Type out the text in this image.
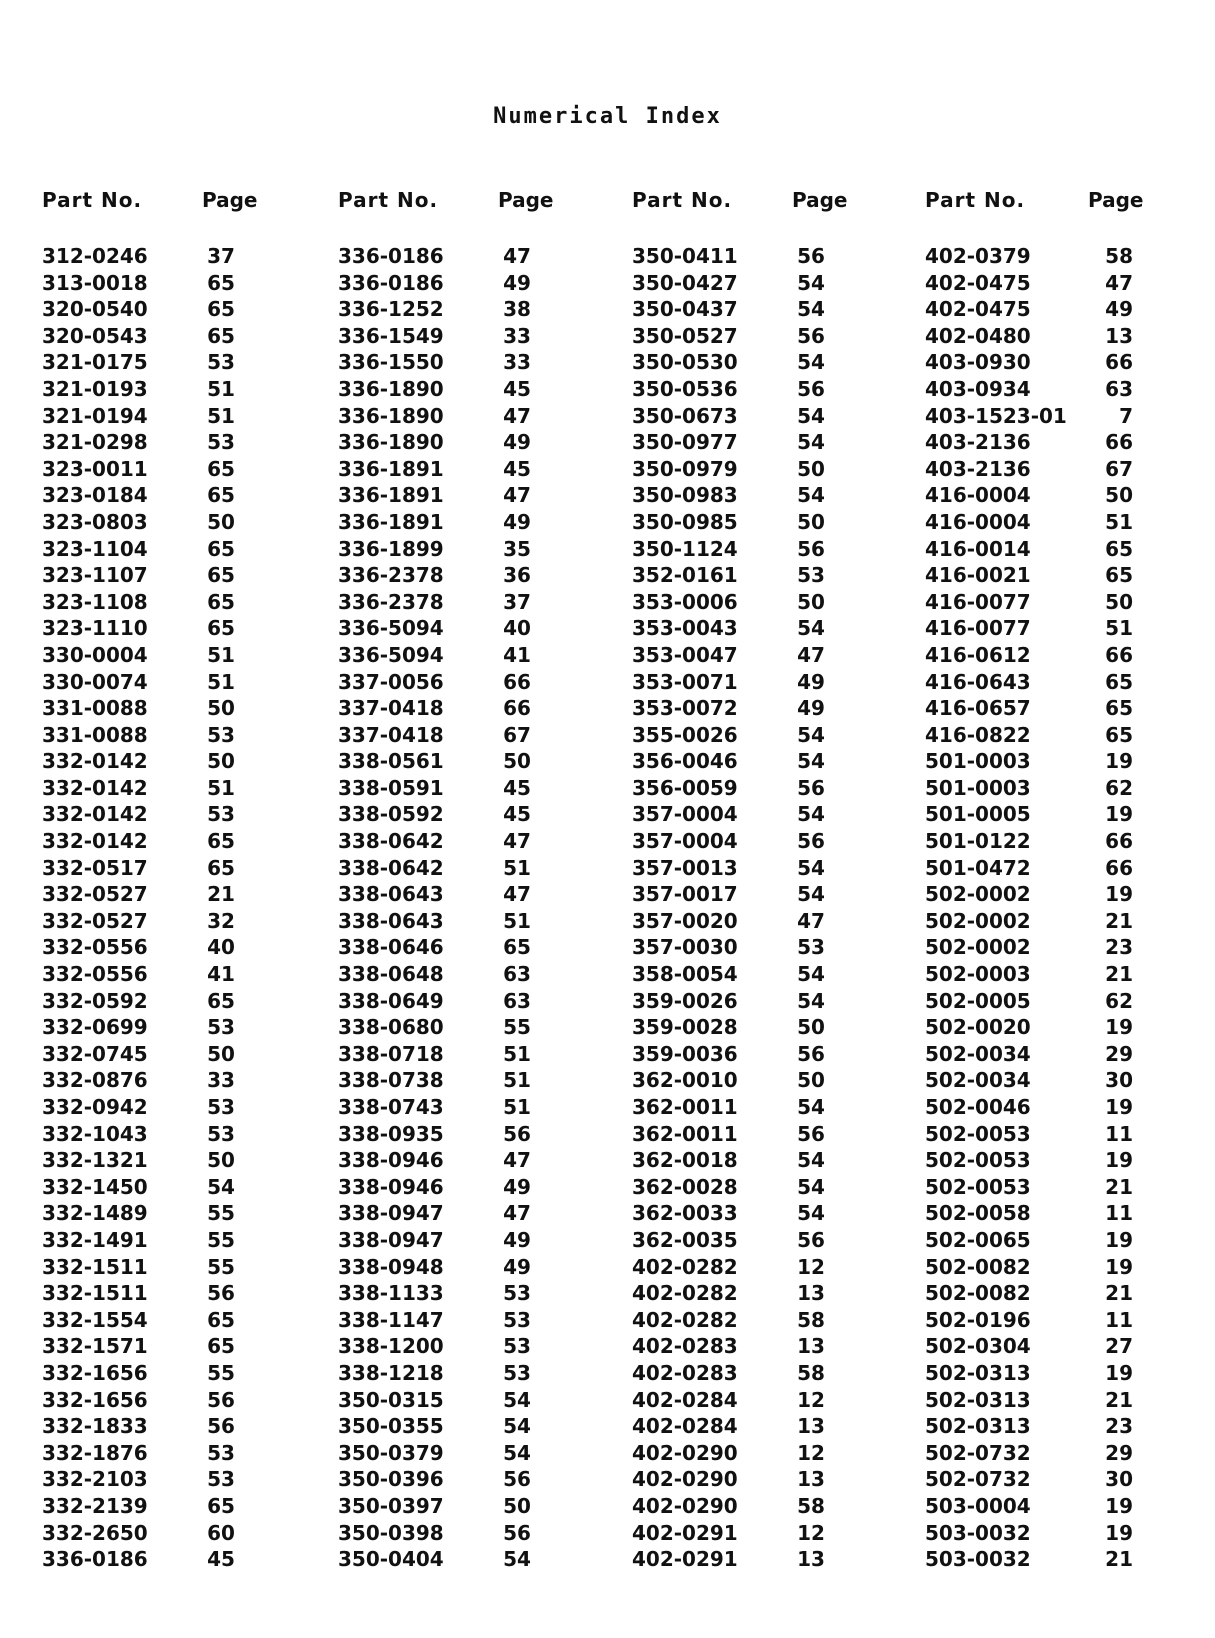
Numerical Index
Part No.	Page
312-0246	37
313-0018	65
320-0540	65
320-0543	65
321-0175	53
321-0193	51
321-0194	51
321-0298	53
323-0011	65
323-0184	65
323-0803	50
323-1104	65
323-1107	65
323-1108	65
323-1110	65
330-0004	51
330-0074	51
331-0088	50
331-0088	53
332-0142	50
332-0142	51
332-0142	53
332-0142	65
332-0517	65
332-0527	21
332-0527	32
332-0556	40
332-0556	41
332-0592	65
332-0699	53
332-0745	50
332-0876	33
332-0942	53
332-1043	53
332-1321	50
332-1450	54
332-1489	55
332-1491	55
332-1511	55
332-1511	56
332-1554	65
332-1571	65
332-1656	55
332-1656	56
332-1833	56
332-1876	53
332-2103	53
332-2139	65
332-2650	60
336-0186	45
Part No.	Page
336-0186	47
336-0186	49
336-1252	38
336-1549	33
336-1550	33
336-1890	45
336-1890	47
336-1890	49
336-1891	45
336-1891	47
336-1891	49
336-1899	35
336-2378	36
336-2378	37
336-5094	40
336-5094	41
337-0056	66
337-0418	66
337-0418	67
338-0561	50
338-0591	45
338-0592	45
338-0642	47
338-0642	51
338-0643	47
338-0643	51
338-0646	65
338-0648	63
338-0649	63
338-0680	55
338-0718	51
338-0738	51
338-0743	51
338-0935	56
338-0946	47
338-0946	49
338-0947	47
338-0947	49
338-0948	49
338-1133	53
338-1147	53
338-1200	53
338-1218	53
350-0315	54
350-0355	54
350-0379	54
350-0396	56
350-0397	50
350-0398	56
350-0404	54
Part No.	Page
350-0411	56
350-0427	54
350-0437	54
350-0527	56
350-0530	54
350-0536	56
350-0673	54
350-0977	54
350-0979	50
350-0983	54
350-0985	50
350-1124	56
352-0161	53
353-0006	50
353-0043	54
353-0047	47
353-0071	49
353-0072	49
355-0026	54
356-0046	54
356-0059	56
357-0004	54
357-0004	56
357-0013	54
357-0017	54
357-0020	47
357-0030	53
358-0054	54
359-0026	54
359-0028	50
359-0036	56
362-0010	50
362-0011	54
362-0011	56
362-0018	54
362-0028	54
362-0033	54
362-0035	56
402-0282	12
402-0282	13
402-0282	58
402-0283	13
402-0283	58
402-0284	12
402-0284	13
402-0290	12
402-0290	13
402-0290	58
402-0291	12
402-0291	13
Part No.	Page
402-0379	58
402-0475	47
402-0475	49
402-0480	13
403-0930	66
403-0934	63
403-1523-01	7
403-2136	66
403-2136	67
416-0004	50
416-0004	51
416-0014	65
416-0021	65
416-0077	50
416-0077	51
416-0612	66
416-0643	65
416-0657	65
416-0822	65
501-0003	19
501-0003	62
501-0005	19
501-0122	66
501-0472	66
502-0002	19
502-0002	21
502-0002	23
502-0003	21
502-0005	62
502-0020	19
502-0034	29
502-0034	30
502-0046	19
502-0053	11
502-0053	19
502-0053	21
502-0058	11
502-0065	19
502-0082	19
502-0082	21
502-0196	11
502-0304	27
502-0313	19
502-0313	21
502-0313	23
502-0732	29
502-0732	30
503-0004	19
503-0032	19
503-0032	21
